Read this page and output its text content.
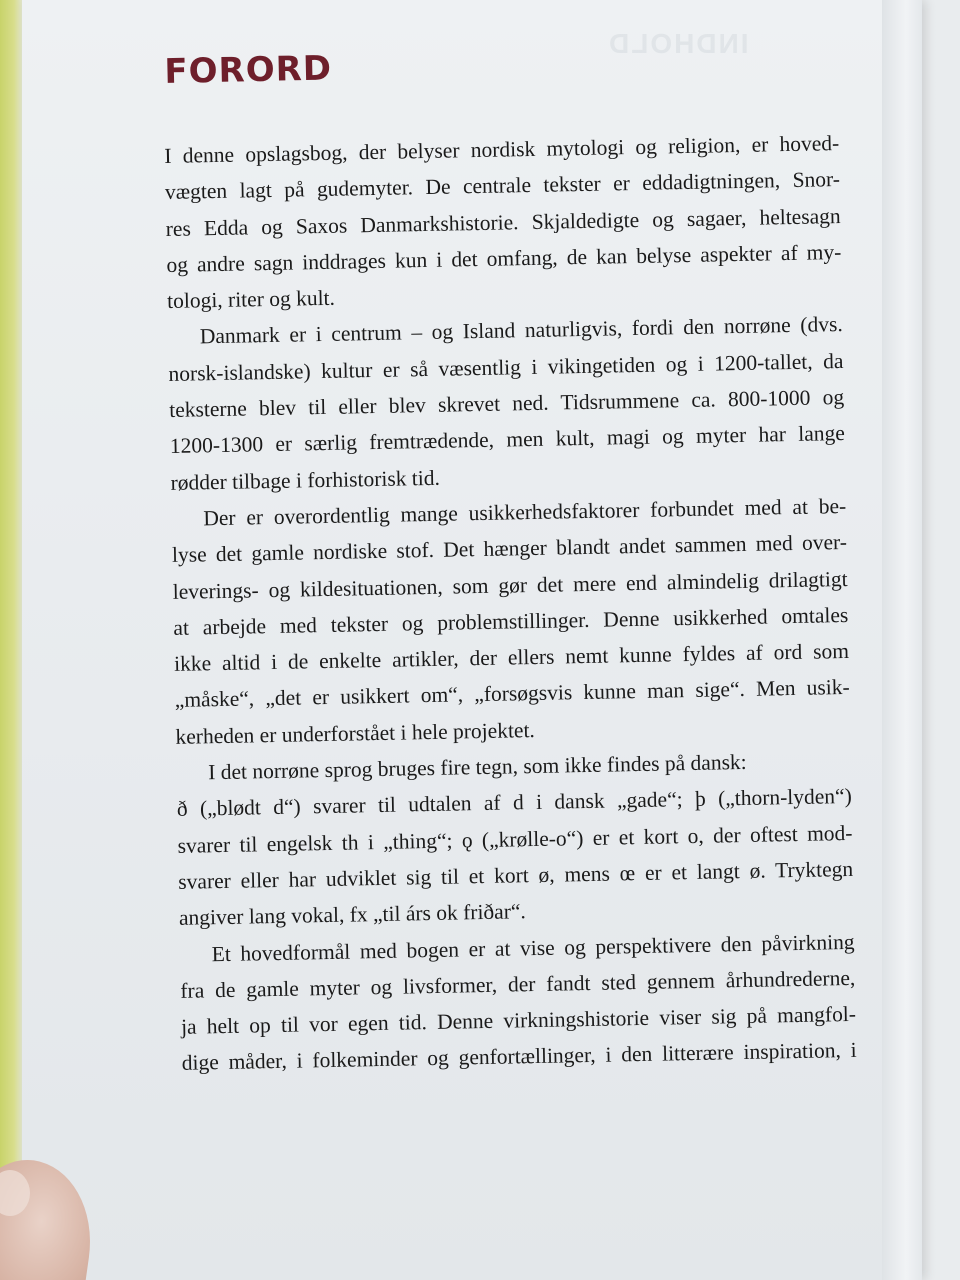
INDHOLD
FORORD
I denne opslagsbog, der belyser nordisk mytologi og religion, er hoved-
vægten lagt på gudemyter. De centrale tekster er eddadigtningen, Snor-
res Edda og Saxos Danmarkshistorie. Skjaldedigte og sagaer, heltesagn
og andre sagn inddrages kun i det omfang, de kan belyse aspekter af my-
tologi, riter og kult.
Danmark er i centrum – og Island naturligvis, fordi den norrøne (dvs.
norsk-islandske) kultur er så væsentlig i vikingetiden og i 1200-tallet, da
teksterne blev til eller blev skrevet ned. Tidsrummene ca. 800-1000 og
1200-1300 er særlig fremtrædende, men kult, magi og myter har lange
rødder tilbage i forhistorisk tid.
Der er overordentlig mange usikkerhedsfaktorer forbundet med at be-
lyse det gamle nordiske stof. Det hænger blandt andet sammen med over-
leverings- og kildesituationen, som gør det mere end almindelig drilagtigt
at arbejde med tekster og problemstillinger. Denne usikkerhed omtales
ikke altid i de enkelte artikler, der ellers nemt kunne fyldes af ord som
„måske“, „det er usikkert om“, „forsøgsvis kunne man sige“. Men usik-
kerheden er underforstået i hele projektet.
I det norrøne sprog bruges fire tegn, som ikke findes på dansk:
ð („blødt d“) svarer til udtalen af d i dansk „gade“; þ („thorn-lyden“)
svarer til engelsk th i „thing“; ǫ („krølle-o“) er et kort o, der oftest mod-
svarer eller har udviklet sig til et kort ø, mens œ er et langt ø. Tryktegn
angiver lang vokal, fx „til árs ok friðar“.
Et hovedformål med bogen er at vise og perspektivere den påvirkning
fra de gamle myter og livsformer, der fandt sted gennem århundrederne,
ja helt op til vor egen tid. Denne virkningshistorie viser sig på mangfol-
dige måder, i folkeminder og genfortællinger, i den litterære inspiration, i
